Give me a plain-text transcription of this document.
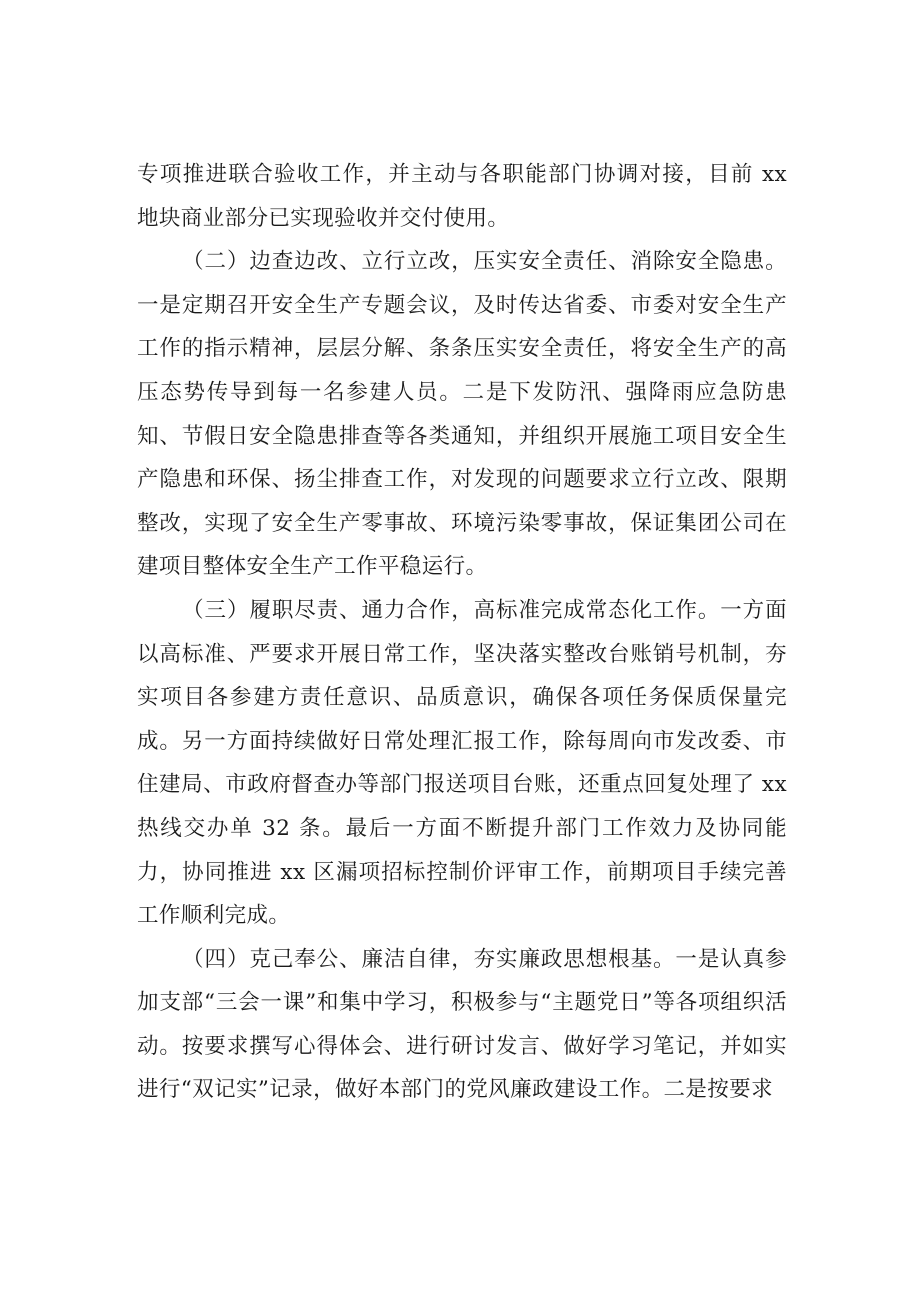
专项推进联合验收工作，并主动与各职能部门协调对接，目前 xx 地块商业部分已实现验收并交付使用。

（二）边查边改、立行立改，压实安全责任、消除安全隐患。一是定期召开安全生产专题会议，及时传达省委、市委对安全生产工作的指示精神，层层分解、条条压实安全责任，将安全生产的高压态势传导到每一名参建人员。二是下发防汛、强降雨应急防患知、节假日安全隐患排查等各类通知，并组织开展施工项目安全生产隐患和环保、扬尘排查工作，对发现的问题要求立行立改、限期整改，实现了安全生产零事故、环境污染零事故，保证集团公司在建项目整体安全生产工作平稳运行。

（三）履职尽责、通力合作，高标准完成常态化工作。一方面以高标准、严要求开展日常工作，坚决落实整改台账销号机制，夯实项目各参建方责任意识、品质意识，确保各项任务保质保量完成。另一方面持续做好日常处理汇报工作，除每周向市发改委、市住建局、市政府督查办等部门报送项目台账，还重点回复处理了 xx 热线交办单 32 条。最后一方面不断提升部门工作效力及协同能力，协同推进 xx 区漏项招标控制价评审工作，前期项目手续完善工作顺利完成。

（四）克己奉公、廉洁自律，夯实廉政思想根基。一是认真参加支部“三会一课”和集中学习，积极参与“主题党日”等各项组织活动。按要求撰写心得体会、进行研讨发言、做好学习笔记，并如实进行“双记实”记录，做好本部门的党风廉政建设工作。二是按要求
